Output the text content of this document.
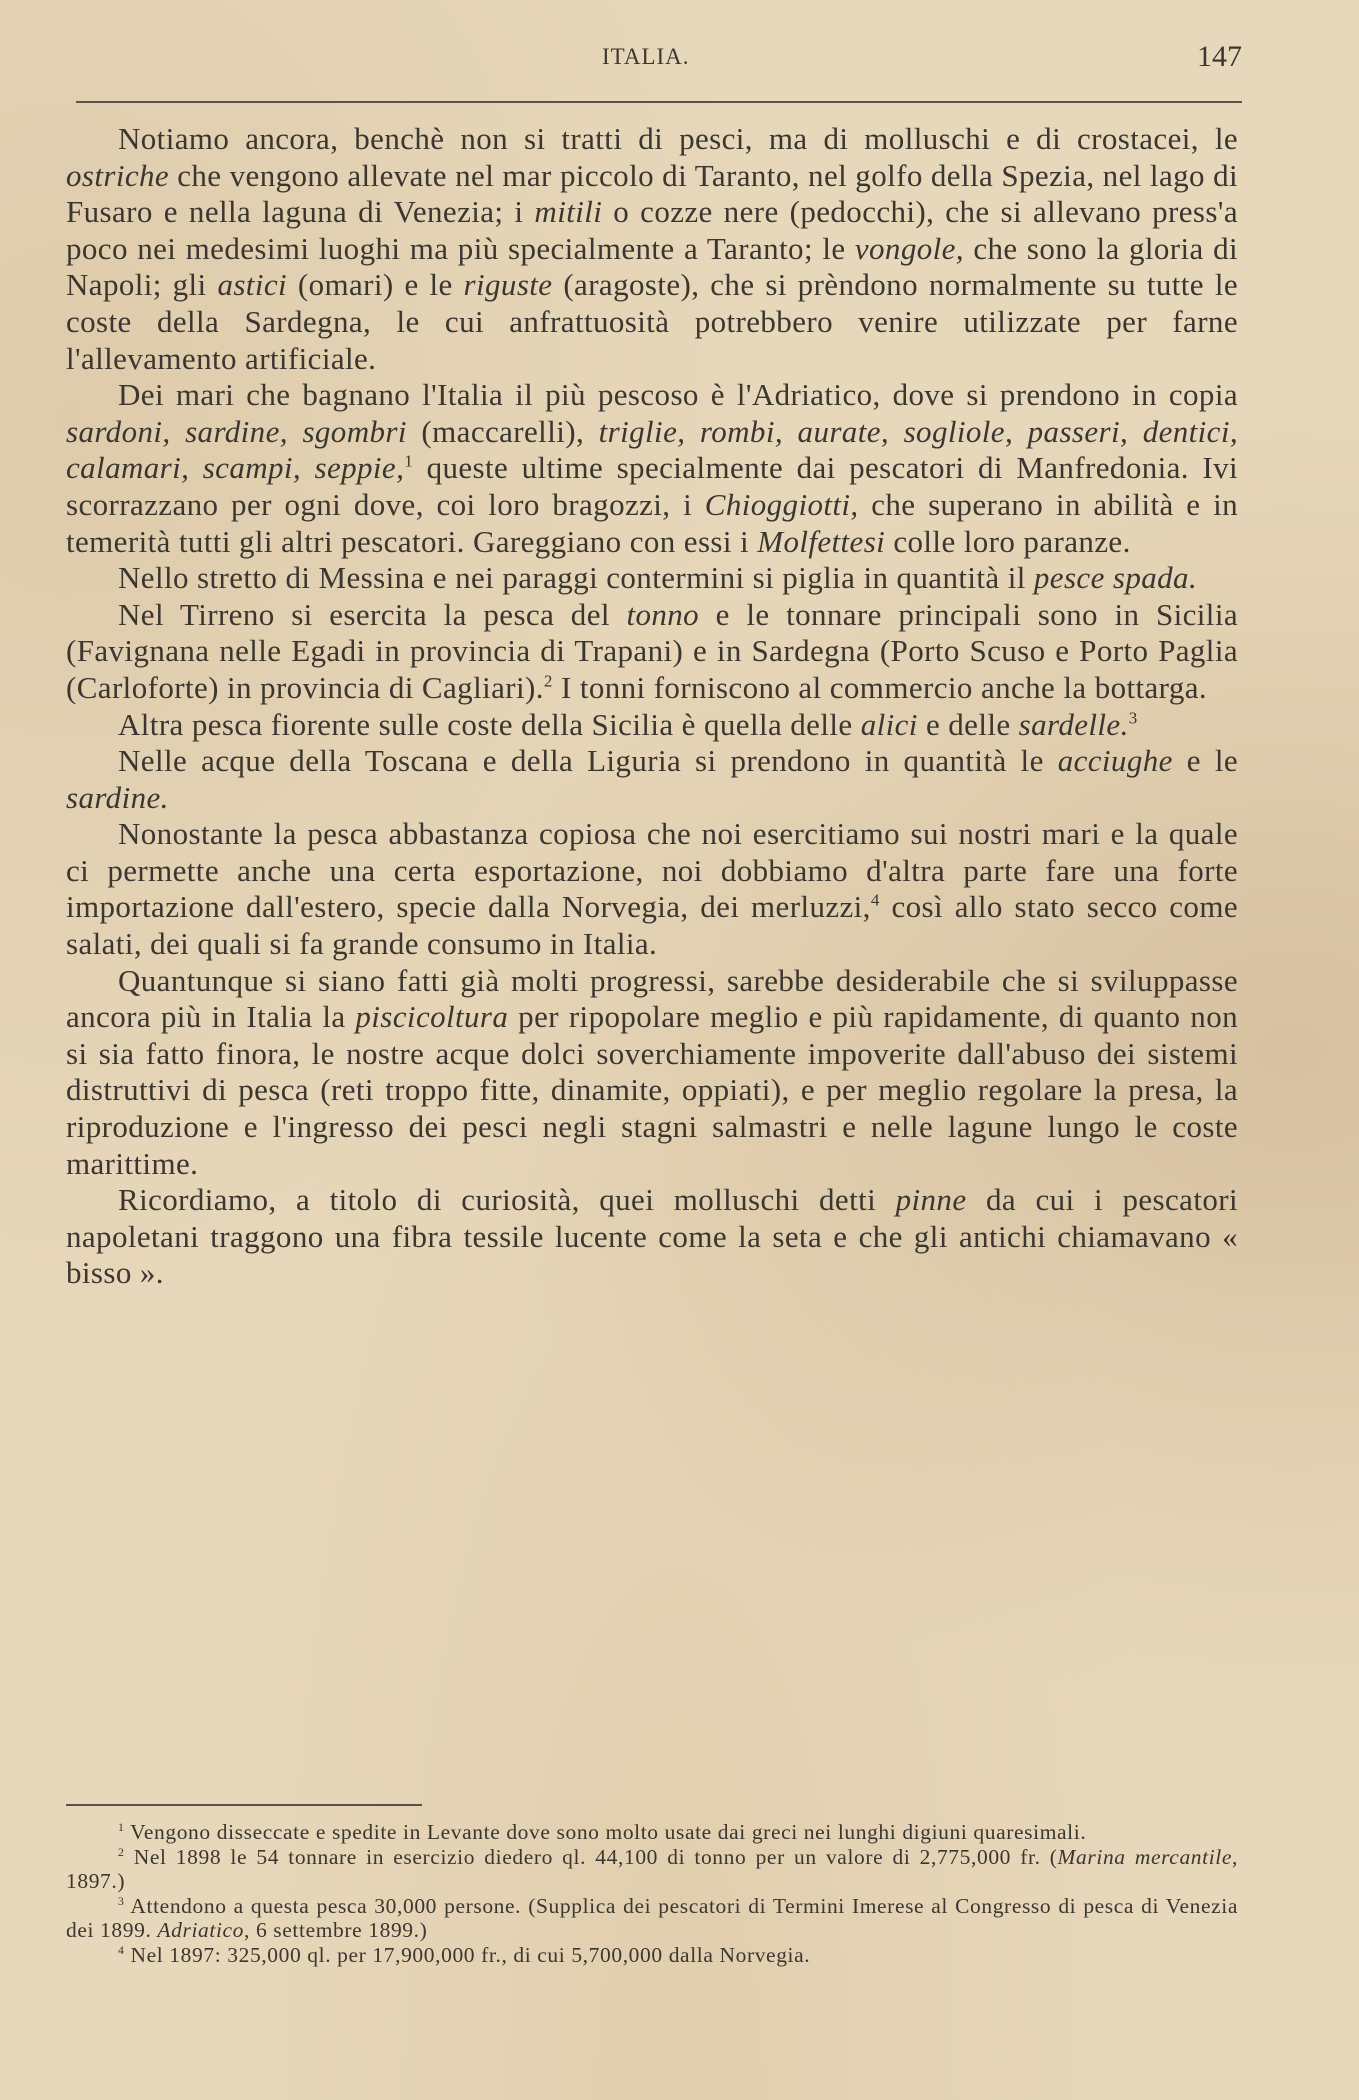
ITALIA.	147

Notiamo ancora, benchè non si tratti di pesci, ma di molluschi e di crostacei, le ostriche che vengono allevate nel mar piccolo di Taranto, nel golfo della Spezia, nel lago di Fusaro e nella laguna di Venezia; i mitili o cozze nere (pedocchi), che si allevano press'a poco nei medesimi luoghi ma più specialmente a Taranto; le vongole, che sono la gloria di Napoli; gli astici (omari) e le riguste (aragoste), che si prèndono normalmente su tutte le coste della Sardegna, le cui anfrattuosità potrebbero venire utilizzate per farne l'allevamento artificiale.

Dei mari che bagnano l'Italia il più pescoso è l'Adriatico, dove si prendono in copia sardoni, sardine, sgombri (maccarelli), triglie, rombi, aurate, sogliole, passeri, dentici, calamari, scampi, seppie,$^1$ queste ultime specialmente dai pescatori di Manfredonia. Ivi scorrazzano per ogni dove, coi loro bragozzi, i Chioggiotti, che superano in abilità e in temerità tutti gli altri pescatori. Gareggiano con essi i Molfettesi colle loro paranze.

Nello stretto di Messina e nei paraggi contermini si piglia in quantità il pesce spada.

Nel Tirreno si esercita la pesca del tonno e le tonnare principali sono in Sicilia (Favignana nelle Egadi in provincia di Trapani) e in Sardegna (Porto Scuso e Porto Paglia (Carloforte) in provincia di Cagliari).$^2$ I tonni forniscono al commercio anche la bottarga.

Altra pesca fiorente sulle coste della Sicilia è quella delle alici e delle sardelle.$^3$

Nelle acque della Toscana e della Liguria si prendono in quantità le acciughe e le sardine.

Nonostante la pesca abbastanza copiosa che noi esercitiamo sui nostri mari e la quale ci permette anche una certa esportazione, noi dobbiamo d'altra parte fare una forte importazione dall'estero, specie dalla Norvegia, dei merluzzi,$^4$ così allo stato secco come salati, dei quali si fa grande consumo in Italia.

Quantunque si siano fatti già molti progressi, sarebbe desiderabile che si sviluppasse ancora più in Italia la piscicoltura per ripopolare meglio e più rapidamente, di quanto non si sia fatto finora, le nostre acque dolci soverchiamente impoverite dall'abuso dei sistemi distruttivi di pesca (reti troppo fitte, dinamite, oppiati), e per meglio regolare la presa, la riproduzione e l'ingresso dei pesci negli stagni salmastri e nelle lagune lungo le coste marittime.

Ricordiamo, a titolo di curiosità, quei molluschi detti pinne da cui i pescatori napoletani traggono una fibra tessile lucente come la seta e che gli antichi chiamavano « bisso ».

$^1$ Vengono disseccate e spedite in Levante dove sono molto usate dai greci nei lunghi digiuni quaresimali.

$^2$ Nel 1898 le 54 tonnare in esercizio diedero ql. 44,100 di tonno per un valore di 2,775,000 fr. (Marina mercantile, 1897.)

$^3$ Attendono a questa pesca 30,000 persone. (Supplica dei pescatori di Termini Imerese al Congresso di pesca di Venezia dei 1899. Adriatico, 6 settembre 1899.)

$^4$ Nel 1897: 325,000 ql. per 17,900,000 fr., di cui 5,700,000 dalla Norvegia.
